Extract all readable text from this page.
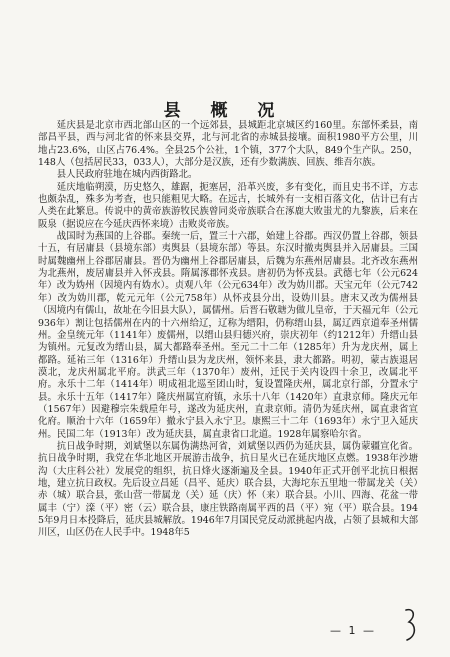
县 概 况

延庆县是北京市西北部山区的一个远郊县，县城距北京城区约160里。东部怀柔县，南部昌平县，西与河北省的怀来县交界，北与河北省的赤城县接壤。面积1980平方公里，川地占23.6%，山区占76.4%。全县25个公社，1个镇，377个大队，849个生产队。250，148人（包括居民33，033人），大部分是汉族，还有少数满族、回族、维吾尔族。

县人民政府驻地在城内西街路北。

延庆地临朔漠，历史悠久，雄踞，扼塞居，沿革兴废，多有变化，而且史书不详，方志也颇杂乱，殊多为考查，也只能粗见大略。在远古，长城外有一支相百落文化，估计已有古人类在此繁息。传说中的黄帝族游牧民族曾同炎帝族联合在涿鹿大败蚩尤的九黎族，后来在阪泉（据说应在今延庆西怀来境）击败炎帝族。

战国时为燕国的上谷郡。秦统一后，置三十六郡，始建上谷郡。西汉仍置上谷郡，领县十五，有居庸县（县境东部）夷舆县（县境东部）等县。东汉时撤夷舆县并入居庸县。三国时属魏幽州上谷郡居庸县。晋仍为幽州上谷郡居庸县，后魏为东燕州居庸县。北齐改东燕州为北燕州，废居庸县并入怀戎县。隋属涿郡怀戎县。唐初仍为怀戎县。武德七年（公元624年）改为妫州（因境内有妫水）。贞观八年（公元634年）改为妫川郡。天宝元年（公元742年）改为妫川郡，乾元元年（公元758年）从怀戎县分出，设妫川县。唐末又改为儒州县（因境内有儒山，故址在今旧县大队），属儒州。后晋石敬瑭为做儿皇帝，于天福元年（公元936年）割让包括儒州在内的十六州给辽，辽称为缙阳，仍称缙山县，属辽西京道奉圣州儒州。金皇统元年（1141年）废儒州，以缙山县归德兴府，崇庆初年（约1212年）升缙山县为镇州。元复改为缙山县，属大都路奉圣州。至元二十二年（1285年）升为龙庆州，属上都路。延祐三年（1316年）升缙山县为龙庆州，领怀来县，隶大都路。明初，蒙古族退居漠北，龙庆州属北平府。洪武三年（1370年）废州，迁民于关内设四十余卫，改属北平府。永乐十二年（1414年）明成祖北巡至团山时，复设置隆庆州，属北京行部，分置永宁县。永乐十五年（1417年）隆庆州属宣府镇，永乐十八年（1420年）直隶京师。隆庆元年（1567年）因避穆宗朱载垕年号，遂改为延庆州，直隶京师。清仍为延庆州，属直隶省宣化府。顺治十六年（1659年）撤永宁县入永宁卫。康熙三十二年（1693年）永宁卫入延庆州。民国二年（1913年）改为延庆县，属直隶省口北道。1928年属察哈尔省。

抗日战争时期，刘斌堡以东属伪满热河省，刘斌堡以西仍为延庆县，属伪蒙疆宣化省。抗日战争时期，我党在华北地区开展游击战争，抗日星火已在延庆地区点燃。1938年沙塘沟（大庄科公社）发展党的组织，抗日烽火逐渐遍及全县。1940年正式开创平北抗日根据地，建立抗日政权。先后设立昌延（昌平、延庆）联合县，大海坨东五里地一带属龙关（关）赤（城）联合县，张山营一带属龙（关）延（庆）怀（来）联合县。小川、四海、花盆一带属丰（宁）滦（平）密（云）联合县，康庄铁路南属平西的昌（平）宛（平）联合县。1945年9月日本投降后，延庆县城解放。1946年7月国民党反动派挑起内战，占领了县城和大部川区，山区仍在人民手中。1948年5

— 1 —
